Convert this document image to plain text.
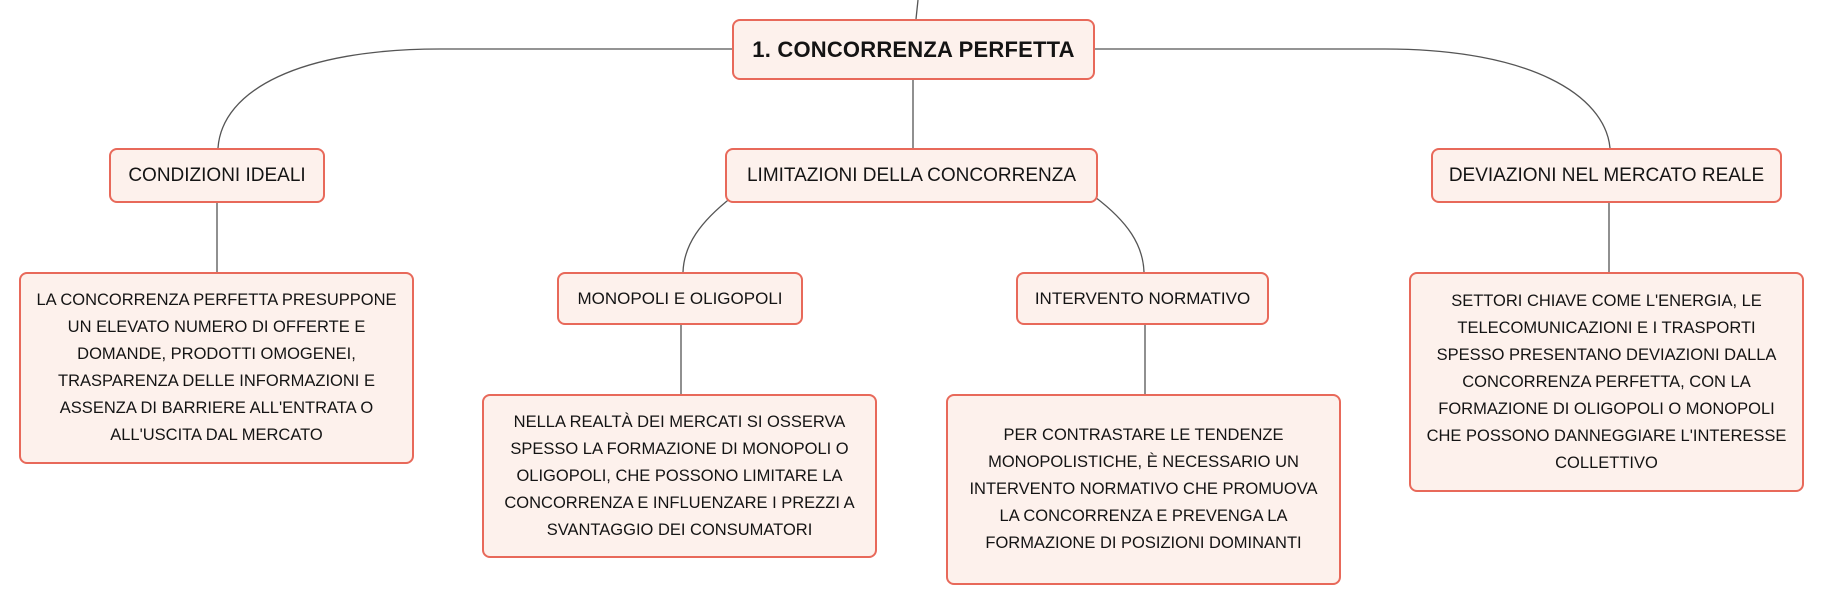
1. CONCORRENZA PERFETTA
CONDIZIONI IDEALI	LIMITAZIONI DELLA CONCORRENZA	DEVIAZIONI NEL MERCATO REALE
MONOPOLI E OLIGOPOLI	INTERVENTO NORMATIVO
LA CONCORRENZA PERFETTA PRESUPPONE UN ELEVATO NUMERO DI OFFERTE E DOMANDE, PRODOTTI OMOGENEI, TRASPARENZA DELLE INFORMAZIONI E ASSENZA DI BARRIERE ALL'ENTRATA O ALL'USCITA DAL MERCATO
NELLA REALTÀ DEI MERCATI SI OSSERVA SPESSO LA FORMAZIONE DI MONOPOLI O OLIGOPOLI, CHE POSSONO LIMITARE LA CONCORRENZA E INFLUENZARE I PREZZI A SVANTAGGIO DEI CONSUMATORI
PER CONTRASTARE LE TENDENZE MONOPOLISTICHE, È NECESSARIO UN INTERVENTO NORMATIVO CHE PROMUOVA LA CONCORRENZA E PREVENGA LA FORMAZIONE DI POSIZIONI DOMINANTI
SETTORI CHIAVE COME L'ENERGIA, LE TELECOMUNICAZIONI E I TRASPORTI SPESSO PRESENTANO DEVIAZIONI DALLA CONCORRENZA PERFETTA, CON LA FORMAZIONE DI OLIGOPOLI O MONOPOLI CHE POSSONO DANNEGGIARE L'INTERESSE COLLETTIVO
